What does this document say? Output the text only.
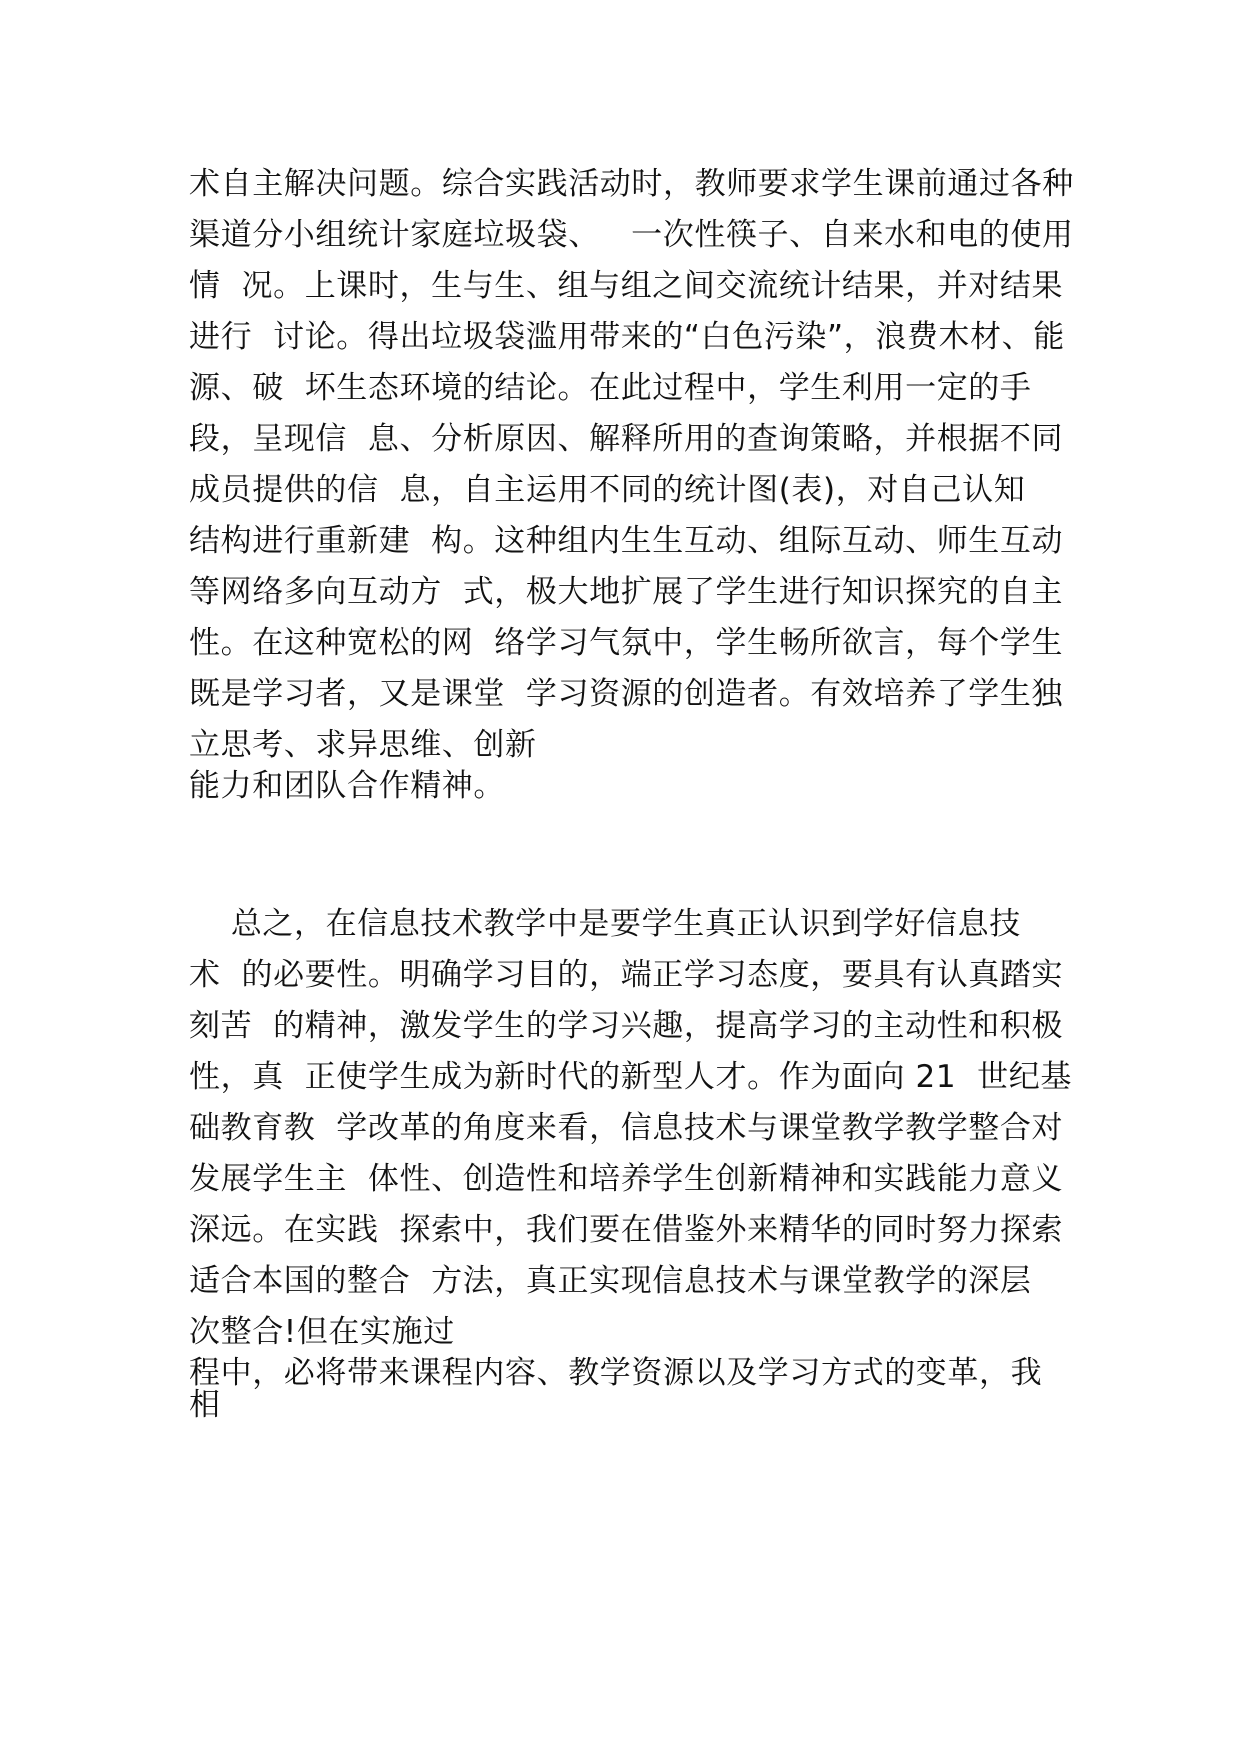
术自主解决问题。综合实践活动时，教师要求学生课前通过各种

渠道分小组统计家庭垃圾袋、   一次性筷子、自来水和电的使用

情  况。上课时，生与生、组与组之间交流统计结果，并对结果

进行  讨论。得出垃圾袋滥用带来的“白色污染”，浪费木材、能

源、破  坏生态环境的结论。在此过程中，学生利用一定的手

段，呈现信  息、分析原因、解释所用的查询策略，并根据不同

成员提供的信  息，自主运用不同的统计图(表)，对自己认知

结构进行重新建  构。这种组内生生互动、组际互动、师生互动

等网络多向互动方  式，极大地扩展了学生进行知识探究的自主

性。在这种宽松的网  络学习气氛中，学生畅所欲言，每个学生

既是学习者，又是课堂  学习资源的创造者。有效培养了学生独

立思考、求异思维、创新

能力和团队合作精神。

总之，在信息技术教学中是要学生真正认识到学好信息技

术  的必要性。明确学习目的，端正学习态度，要具有认真踏实

刻苦  的精神，激发学生的学习兴趣，提高学习的主动性和积极

性，真  正使学生成为新时代的新型人才。作为面向 21  世纪基

础教育教  学改革的角度来看，信息技术与课堂教学教学整合对

发展学生主  体性、创造性和培养学生创新精神和实践能力意义

深远。在实践  探索中，我们要在借鉴外来精华的同时努力探索

适合本国的整合  方法，真正实现信息技术与课堂教学的深层

次整合!但在实施过

程中，必将带来课程内容、教学资源以及学习方式的变革，我

相
